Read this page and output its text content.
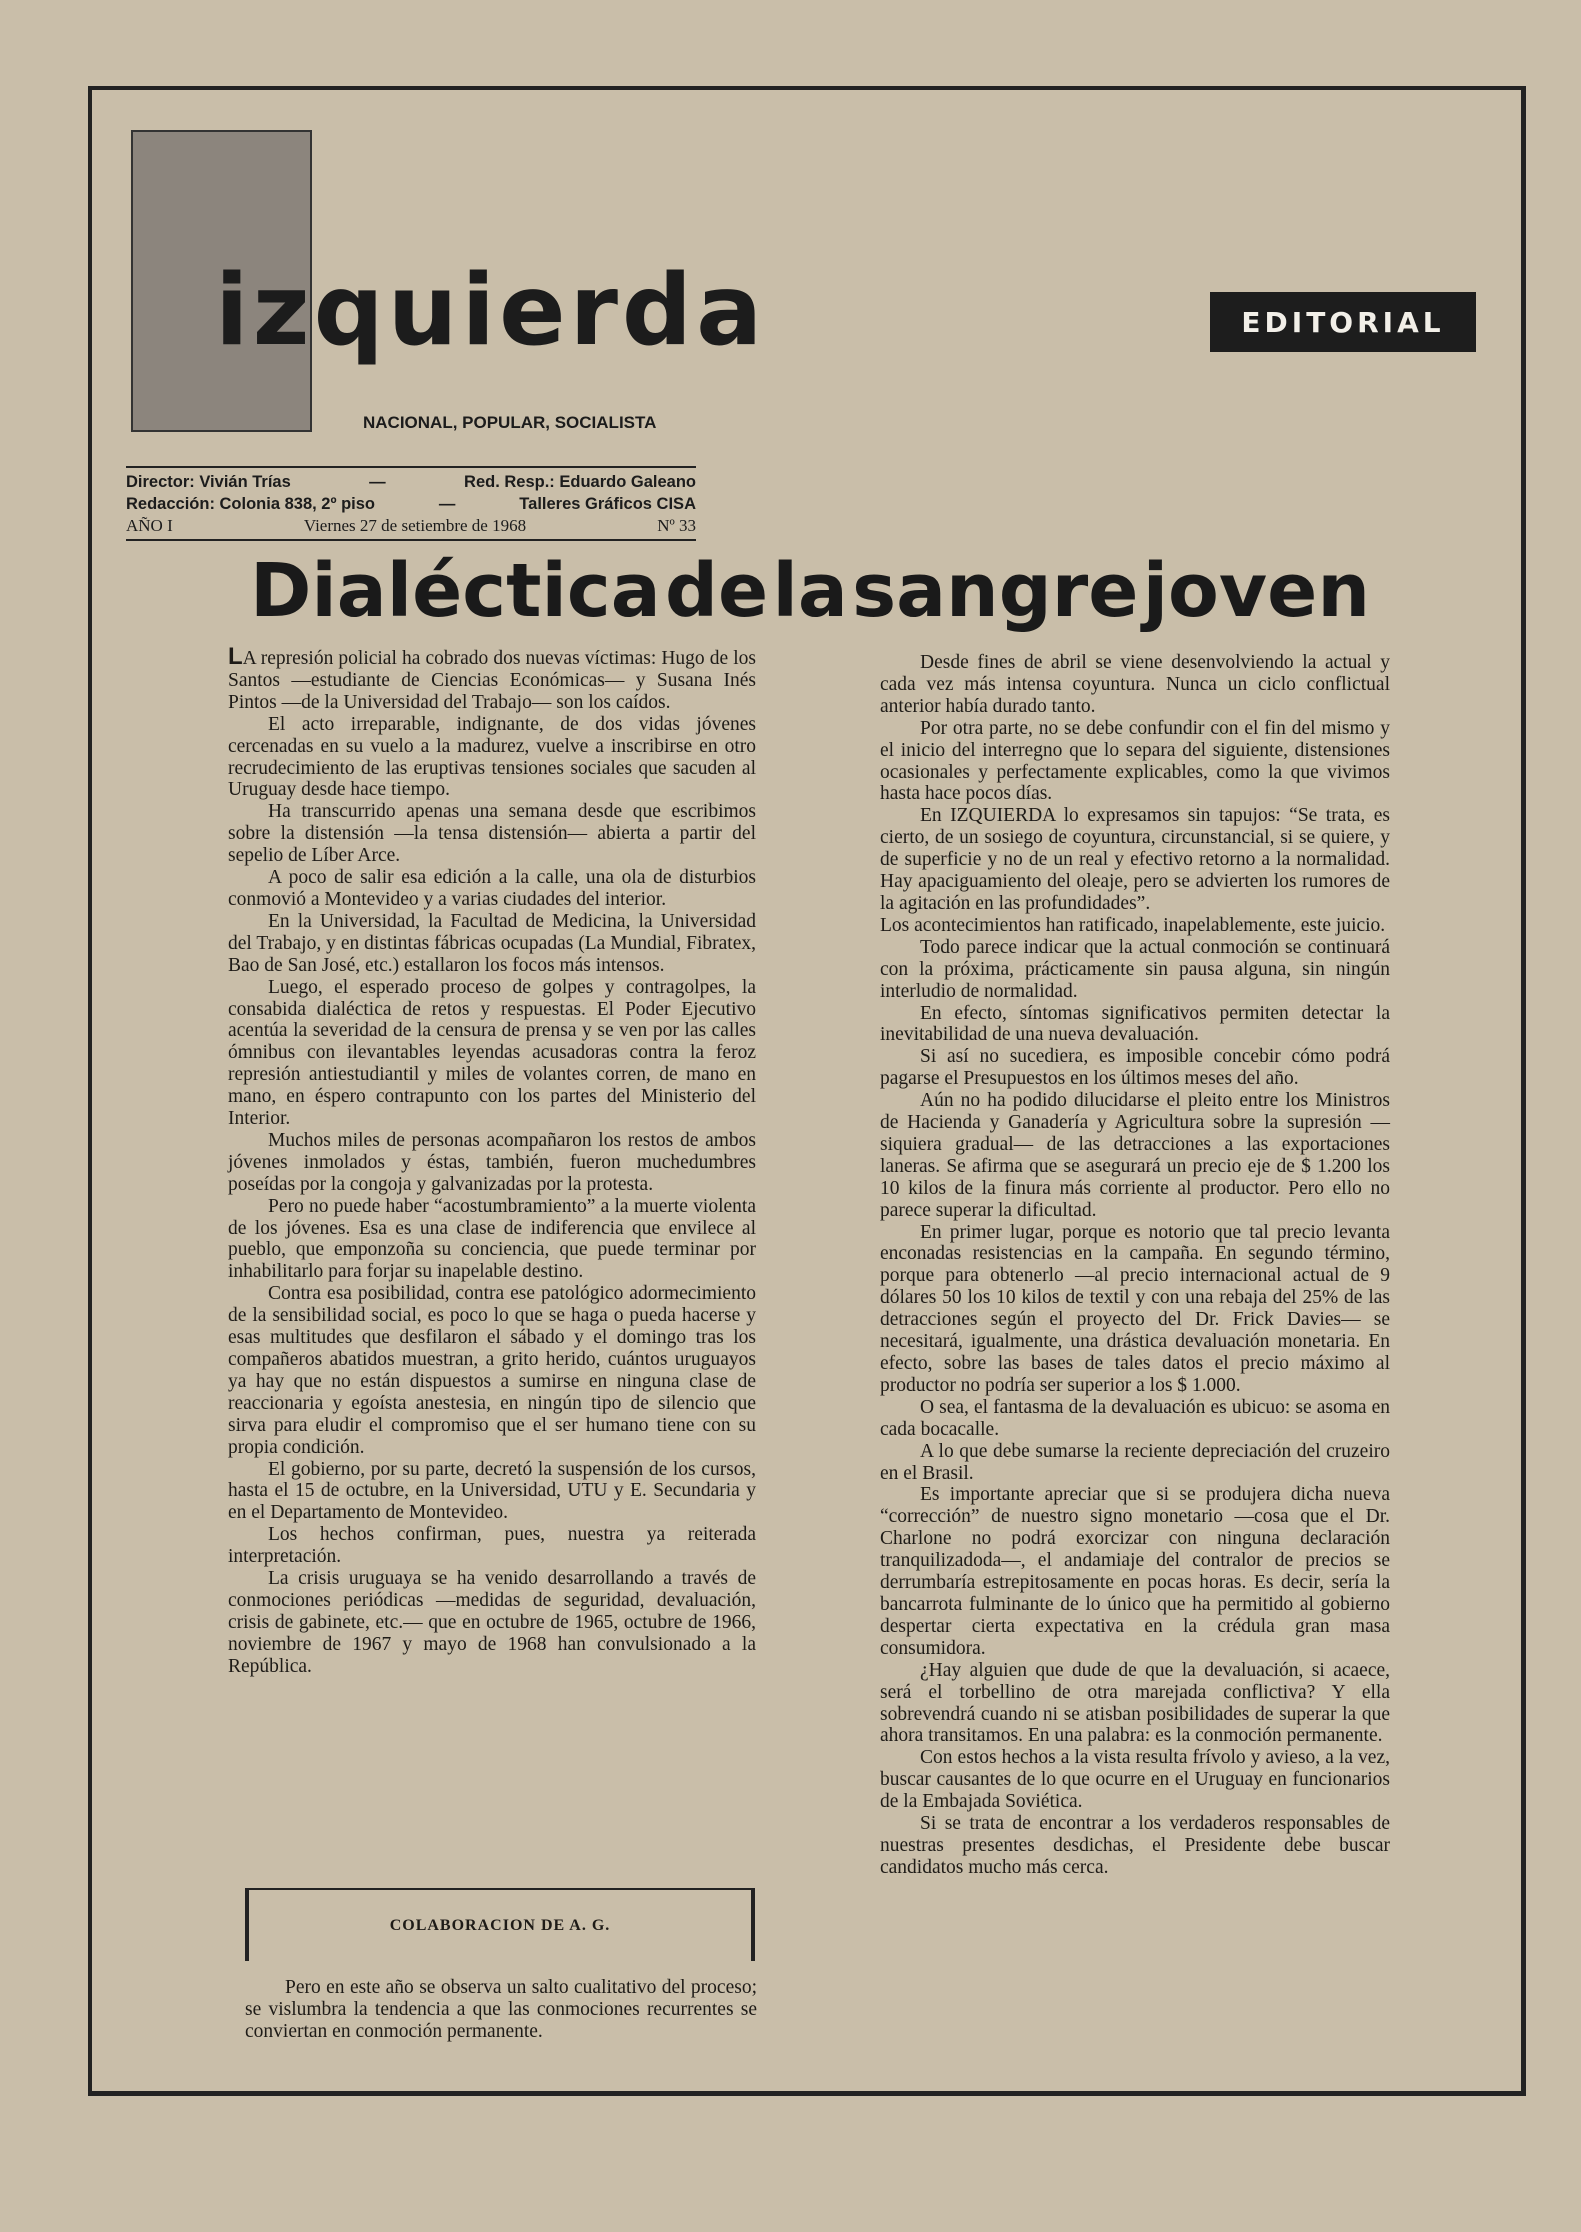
izquierda
NACIONAL, POPULAR, SOCIALISTA
EDITORIAL
Director: Vivián Trías	—	Red. Resp.: Eduardo Galeano
Redacción: Colonia 838, 2º piso	—	Talleres Gráficos CISA
AÑO I	Viernes 27 de setiembre de 1968	Nº 33
Dialéctica de la sangre joven

LA represión policial ha cobrado dos nuevas víctimas: Hugo de los Santos —estudiante de Ciencias Económicas— y Susana Inés Pintos —de la Universidad del Trabajo— son los caídos.

El acto irreparable, indignante, de dos vidas jóvenes cercenadas en su vuelo a la madurez, vuelve a inscribirse en otro recrudecimiento de las eruptivas tensiones sociales que sacuden al Uruguay desde hace tiempo.

Ha transcurrido apenas una semana desde que escribimos sobre la distensión —la tensa distensión— abierta a partir del sepelio de Líber Arce.

A poco de salir esa edición a la calle, una ola de disturbios conmovió a Montevideo y a varias ciudades del interior.

En la Universidad, la Facultad de Medicina, la Universidad del Trabajo, y en distintas fábricas ocupadas (La Mundial, Fibratex, Bao de San José, etc.) estallaron los focos más intensos.

Luego, el esperado proceso de golpes y contragolpes, la consabida dialéctica de retos y respuestas. El Poder Ejecutivo acentúa la severidad de la censura de prensa y se ven por las calles ómnibus con ilevantables leyendas acusadoras contra la feroz represión antiestudiantil y miles de volantes corren, de mano en mano, en éspero contrapunto con los partes del Ministerio del Interior.

Muchos miles de personas acompañaron los restos de ambos jóvenes inmolados y éstas, también, fueron muchedumbres poseídas por la congoja y galvanizadas por la protesta.

Pero no puede haber “acostumbramiento” a la muerte violenta de los jóvenes. Esa es una clase de indiferencia que envilece al pueblo, que emponzoña su conciencia, que puede terminar por inhabilitarlo para forjar su inapelable destino.

Contra esa posibilidad, contra ese patológico adormecimiento de la sensibilidad social, es poco lo que se haga o pueda hacerse y esas multitudes que desfilaron el sábado y el domingo tras los compañeros abatidos muestran, a grito herido, cuántos uruguayos ya hay que no están dispuestos a sumirse en ninguna clase de reaccionaria y egoísta anestesia, en ningún tipo de silencio que sirva para eludir el compromiso que el ser humano tiene con su propia condición.

El gobierno, por su parte, decretó la suspensión de los cursos, hasta el 15 de octubre, en la Universidad, UTU y E. Secundaria y en el Departamento de Montevideo.

Los hechos confirman, pues, nuestra ya reiterada interpretación.

La crisis uruguaya se ha venido desarrollando a través de conmociones periódicas —medidas de seguridad, devaluación, crisis de gabinete, etc.— que en octubre de 1965, octubre de 1966, noviembre de 1967 y mayo de 1968 han convulsionado a la República.

COLABORACION DE A. G.

Pero en este año se observa un salto cualitativo del proceso; se vislumbra la tendencia a que las conmociones recurrentes se conviertan en conmoción permanente.

Desde fines de abril se viene desenvolviendo la actual y cada vez más intensa coyuntura. Nunca un ciclo conflictual anterior había durado tanto.

Por otra parte, no se debe confundir con el fin del mismo y el inicio del interregno que lo separa del siguiente, distensiones ocasionales y perfectamente explicables, como la que vivimos hasta hace pocos días.

En IZQUIERDA lo expresamos sin tapujos: “Se trata, es cierto, de un sosiego de coyuntura, circunstancial, si se quiere, y de superficie y no de un real y efectivo retorno a la normalidad. Hay apaciguamiento del oleaje, pero se advierten los rumores de la agitación en las profundidades”.

Los acontecimientos han ratificado, inapelablemente, este juicio.

Todo parece indicar que la actual conmoción se continuará con la próxima, prácticamente sin pausa alguna, sin ningún interludio de normalidad.

En efecto, síntomas significativos permiten detectar la inevitabilidad de una nueva devaluación.

Si así no sucediera, es imposible concebir cómo podrá pagarse el Presupuestos en los últimos meses del año.

Aún no ha podido dilucidarse el pleito entre los Ministros de Hacienda y Ganadería y Agricultura sobre la supresión —siquiera gradual— de las detracciones a las exportaciones laneras. Se afirma que se asegurará un precio eje de $ 1.200 los 10 kilos de la finura más corriente al productor. Pero ello no parece superar la dificultad.

En primer lugar, porque es notorio que tal precio levanta enconadas resistencias en la campaña. En segundo término, porque para obtenerlo —al precio internacional actual de 9 dólares 50 los 10 kilos de textil y con una rebaja del 25% de las detracciones según el proyecto del Dr. Frick Davies— se necesitará, igualmente, una drástica devaluación monetaria. En efecto, sobre las bases de tales datos el precio máximo al productor no podría ser superior a los $ 1.000.

O sea, el fantasma de la devaluación es ubicuo: se asoma en cada bocacalle.

A lo que debe sumarse la reciente depreciación del cruzeiro en el Brasil.

Es importante apreciar que si se produjera dicha nueva “corrección” de nuestro signo monetario —cosa que el Dr. Charlone no podrá exorcizar con ninguna declaración tranquilizadoda—, el andamiaje del contralor de precios se derrumbaría estrepitosamente en pocas horas. Es decir, sería la bancarrota fulminante de lo único que ha permitido al gobierno despertar cierta expectativa en la crédula gran masa consumidora.

¿Hay alguien que dude de que la devaluación, si acaece, será el torbellino de otra marejada conflictiva? Y ella sobrevendrá cuando ni se atisban posibilidades de superar la que ahora transitamos. En una palabra: es la conmoción permanente.

Con estos hechos a la vista resulta frívolo y avieso, a la vez, buscar causantes de lo que ocurre en el Uruguay en funcionarios de la Embajada Soviética.

Si se trata de encontrar a los verdaderos responsables de nuestras presentes desdichas, el Presidente debe buscar candidatos mucho más cerca.
